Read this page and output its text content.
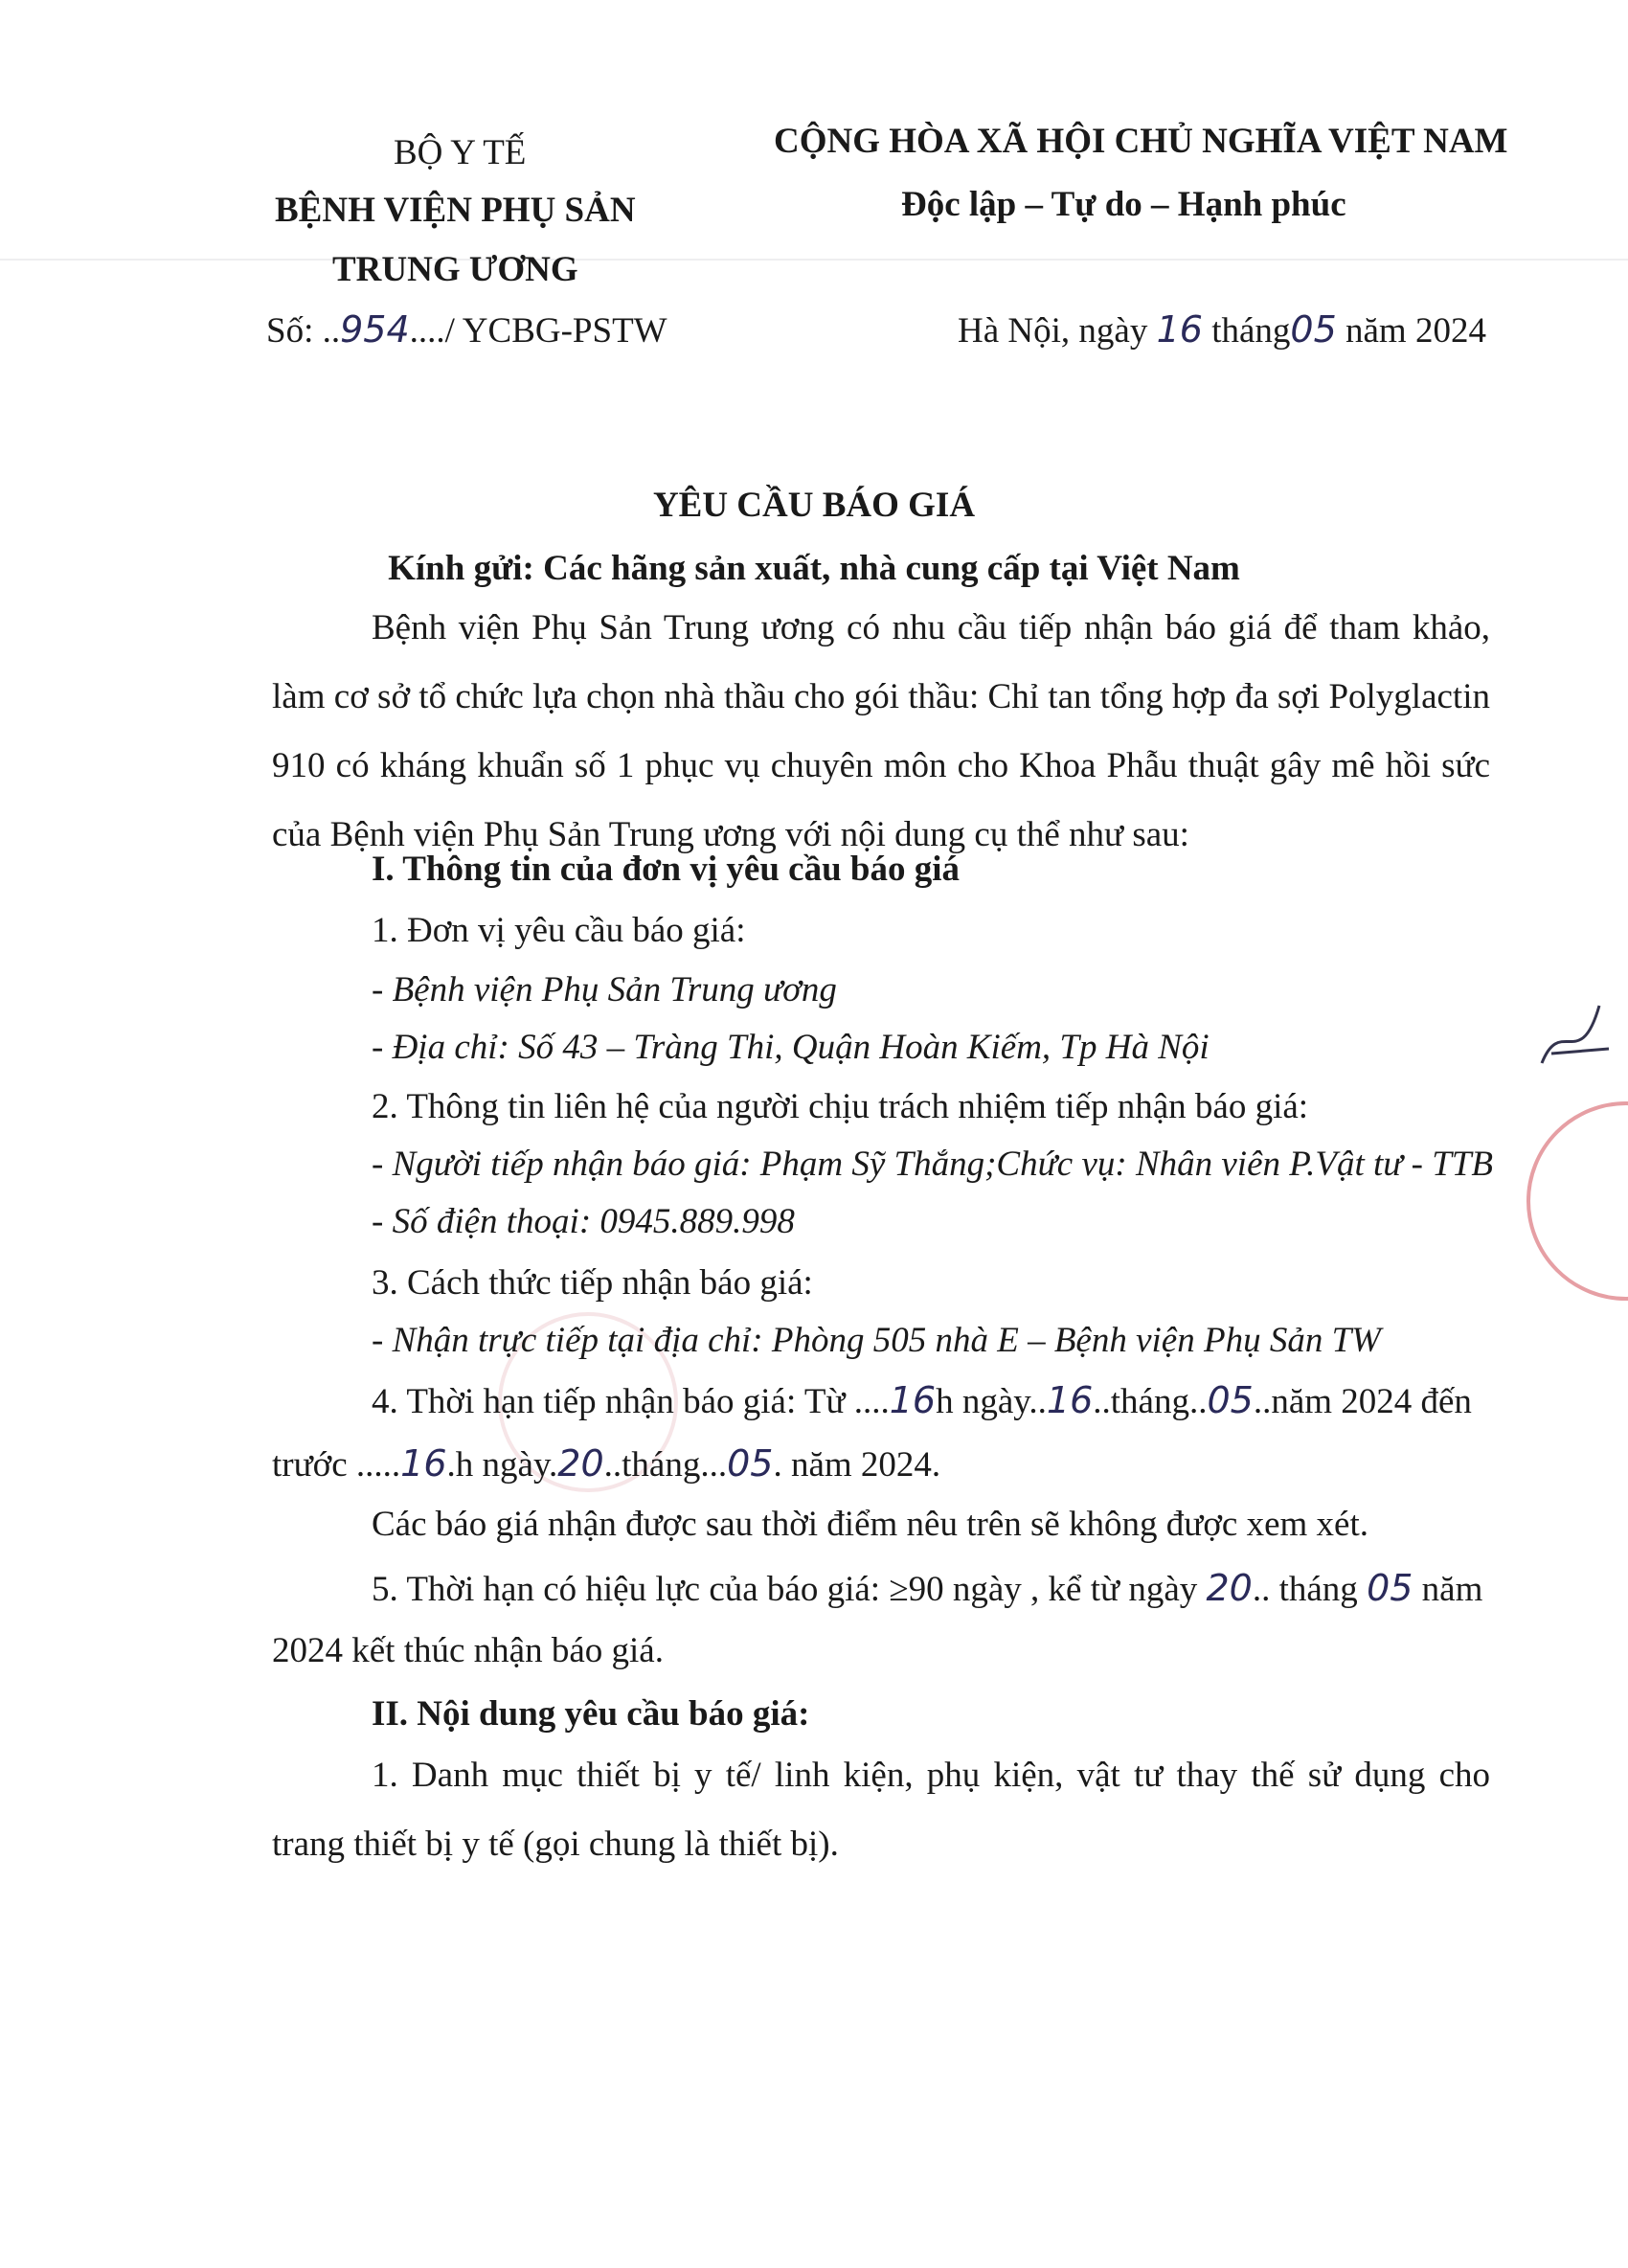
BỘ Y TẾ
BỆNH VIỆN PHỤ SẢN
TRUNG ƯƠNG
CỘNG HÒA XÃ HỘI CHỦ NGHĨA VIỆT NAM
Độc lập – Tự do – Hạnh phúc
Số: ..954..../ YCBG-PSTW	Hà Nội, ngày 16 tháng05 năm 2024
YÊU CẦU BÁO GIÁ
Kính gửi: Các hãng sản xuất, nhà cung cấp tại Việt Nam
Bệnh viện Phụ Sản Trung ương có nhu cầu tiếp nhận báo giá để tham khảo, làm cơ sở tổ chức lựa chọn nhà thầu cho gói thầu: Chỉ tan tổng hợp đa sợi Polyglactin 910 có kháng khuẩn số 1 phục vụ chuyên môn cho Khoa Phẫu thuật gây mê hồi sức của Bệnh viện Phụ Sản Trung ương với nội dung cụ thể như sau:
I. Thông tin của đơn vị yêu cầu báo giá
1. Đơn vị yêu cầu báo giá:
- Bệnh viện Phụ Sản Trung ương
- Địa chỉ: Số 43 – Tràng Thi, Quận Hoàn Kiếm, Tp Hà Nội
2. Thông tin liên hệ của người chịu trách nhiệm tiếp nhận báo giá:
- Người tiếp nhận báo giá: Phạm Sỹ Thắng;Chức vụ: Nhân viên P.Vật tư - TTB
- Số điện thoại: 0945.889.998
3. Cách thức tiếp nhận báo giá:
- Nhận trực tiếp tại địa chỉ: Phòng 505 nhà E – Bệnh viện Phụ Sản TW
4. Thời hạn tiếp nhận báo giá: Từ ....16h ngày..16..tháng..05..năm 2024 đến
trước .....16.h ngày.20..tháng...05. năm 2024.
Các báo giá nhận được sau thời điểm nêu trên sẽ không được xem xét.
5. Thời hạn có hiệu lực của báo giá: ≥90 ngày , kể từ ngày 20.. tháng 05 năm
2024 kết thúc nhận báo giá.
II. Nội dung yêu cầu báo giá:
1. Danh mục thiết bị y tế/ linh kiện, phụ kiện, vật tư thay thế sử dụng cho trang thiết bị y tế (gọi chung là thiết bị).
